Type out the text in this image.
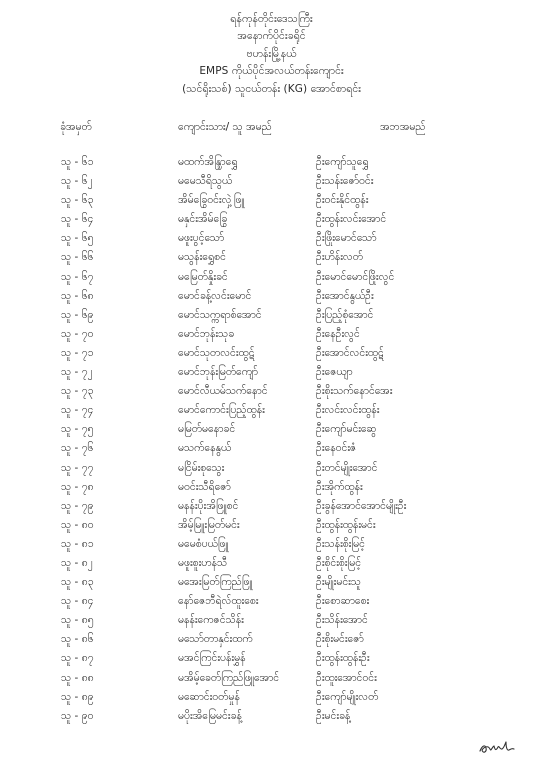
ရန်ကုန်တိုင်းဒေသကြီး
အနောက်ပိုင်းခရိုင်
ဗဟန်းမြို့နယ်
EMPS ကိုယ်ပိုင်အလယ်တန်းကျောင်း
(သင်ရိုးသစ်) သူငယ်တန်း (KG) အောင်စာရင်း
ခုံအမှတ်	ကျောင်းသား/ သူ အမည်	အဘအမည်
သူ - ၆၁	မထက်အိန္ဒြာရွှေ	ဦးကျော်သူရွှေ
သူ - ၆၂	မမေသီရိသွယ်	ဦးသန်းဇော်ဝင်း
သူ - ၆၃	အိမ်ခြွေဝင်းလှဲ့ဖြူ	ဦးဝင်းနိုင်ထွန်း
သူ - ၆၄	မနှင်းအိမ်ခြွေ	ဦးထွန်းလင်းအောင်
သူ - ၆၅	မဖူးပွင့်သော်	ဦးဖြိုးမောင်သော်
သူ - ၆၆	မသွန်းရွှေစင်	ဦးဟိန်းလတ်
သူ - ၆၇	မမြေတ်နှိုးခင်	ဦးမောင်မောင်ဖြိုးလွင်
သူ - ၆၈	မောင်ခန့်လင်းမောင်	ဦးအောင်နွယ်ဦး
သူ - ၆၉	မောင်သက္ကရာစ်အောင်	ဦးပြည့်စုံအောင်
သူ - ၇၀	မောင်ဘုန်းသုခ	ဦးနေဦးလွင်
သူ - ၇၁	မောင်သုတလင်းထွဋ်	ဦးအောင်လင်းထွဋ်
သူ - ၇၂	မောင်ဘုန်းမြတ်ကျော်	ဦးဇေယျာ
သူ - ၇၃	မောင်လီယမ်သက်နောင်	ဦးစိုးသက်နောင်အေး
သူ - ၇၄	မောင်ကောင်းပြည့်ထွန်း	ဦးလင်းလင်းထွန်း
သူ - ၇၅	မမြတ်မနောခင်	ဦးကျော်မင်းဆွေ
သူ - ၇၆	မသက်နေနွယ်	ဦးနေဝင်းဇံ
သူ - ၇၇	မငြိမ်းစုသွေး	ဦးတင်မျိုးအောင်
သူ - ၇၈	မဝင်းသီရိဇော်	ဦးအိုက်ထွန်း
သူ - ၇၉	မနန်းပိုးအိဖြူစင်	ဦးခွန်အောင်အောင်မျိုးဦး
သူ - ၈၀	အိမ့်မြူးမြတ်မင်း	ဦးထွန်းထွန်းမင်း
သူ - ၈၁	မမေစံပယ်ဖြူ	ဦးသန်းစိုးမြင့်
သူ - ၈၂	မဖူးစူးဟန်သီ	ဦးစိုင်းစိုးမြင့်
သူ - ၈၃	မအေးမြတ်ကြည်ဖြူ	ဦးမျိုးမင်းသူ
သူ - ၈၄	နော်ဇေဘီရဲလ်ထူးစေး	ဦးစောဆာစေး
သူ - ၈၅	မနန်းကေဇင်သိန်း	ဦးသိန်းအောင်
သူ - ၈၆	မသော်တာနှင်းထက်	ဦးစိုးမင်းဇော်
သူ - ၈၇	မအင်ကြင်းပန်းမွှန်	ဦးထွန်းထွန်းဦး
သူ - ၈၈	မအိမ့်ခေတ်ကြည်ဖြူအောင်	ဦးထူးအောင်ဝင်း
သူ - ၈၉	မဆောင်းဝတ်မှုန်	ဦးကျော်မျိုးလတ်
သူ - ၉၀	မပိုးအိမြေမင်းခန့်	ဦးမင်းခန့်
